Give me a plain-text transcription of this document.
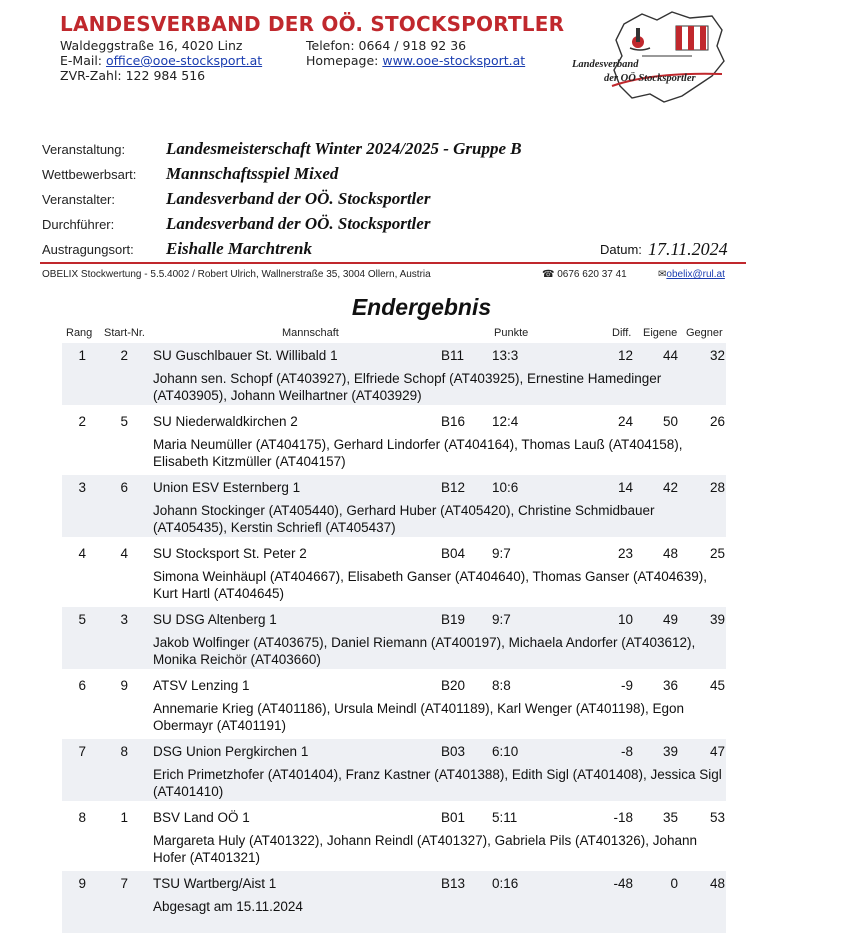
LANDESVERBAND DER OÖ. STOCKSPORTLER
Waldeggstraße 16, 4020 Linz
E-Mail: office@ooe-stocksport.at
ZVR-Zahl: 122 984 516
Telefon: 0664 / 918 92 36
Homepage: www.ooe-stocksport.at	Landesverband
der OÖ Stocksportler
Veranstaltung: Landesmeisterschaft Winter 2024/2025 - Gruppe B
Wettbewerbsart: Mannschaftsspiel Mixed
Veranstalter:	Landesverband der OÖ. Stocksportler
Durchführer:	Landesverband der OÖ. Stocksportler
Austragungsort: Eishalle Marchtrenk	Datum: 17.11.2024
OBELIX Stockwertung - 5.5.4002 / Robert Ulrich, Wallnerstraße 35, 3004 Ollern, Austria	☎ 0676 620 37 41	✉obelix@rul.at
Endergebnis
Rang Start-Nr.	Mannschaft	Punkte	Diff. Eigene Gegner
1	2 SU Guschlbauer St. Willibald 1	B11	13:3	12	44	32
Johann sen. Schopf (AT403927), Elfriede Schopf (AT403925), Ernestine Hamedinger (AT403905), Johann Weilhartner (AT403929)
2	5 SU Niederwaldkirchen 2	B16	12:4	24	50	26
Maria Neumüller (AT404175), Gerhard Lindorfer (AT404164), Thomas Lauß (AT404158), Elisabeth Kitzmüller (AT404157)
3	6 Union ESV Esternberg 1	B12	10:6	14	42	28
Johann Stockinger (AT405440), Gerhard Huber (AT405420), Christine Schmidbauer (AT405435), Kerstin Schriefl (AT405437)
4	4 SU Stocksport St. Peter 2	B04	9:7	23	48	25
Simona Weinhäupl (AT404667), Elisabeth Ganser (AT404640), Thomas Ganser (AT404639), Kurt Hartl (AT404645)
5	3 SU DSG Altenberg 1	B19	9:7	10	49	39
Jakob Wolfinger (AT403675), Daniel Riemann (AT400197), Michaela Andorfer (AT403612), Monika Reichör (AT403660)
6	9 ATSV Lenzing 1	B20	8:8	-9	36	45
Annemarie Krieg (AT401186), Ursula Meindl (AT401189), Karl Wenger (AT401198), Egon Obermayr (AT401191)
7	8 DSG Union Pergkirchen 1	B03	6:10	-8	39	47
Erich Primetzhofer (AT401404), Franz Kastner (AT401388), Edith Sigl (AT401408), Jessica Sigl (AT401410)
8	1 BSV Land OÖ 1	B01	5:11	-18	35	53
Margareta Huly (AT401322), Johann Reindl (AT401327), Gabriela Pils (AT401326), Johann Hofer (AT401321)
9	7 TSU Wartberg/Aist 1	B13	0:16	-48	0	48
Abgesagt am 15.11.2024
